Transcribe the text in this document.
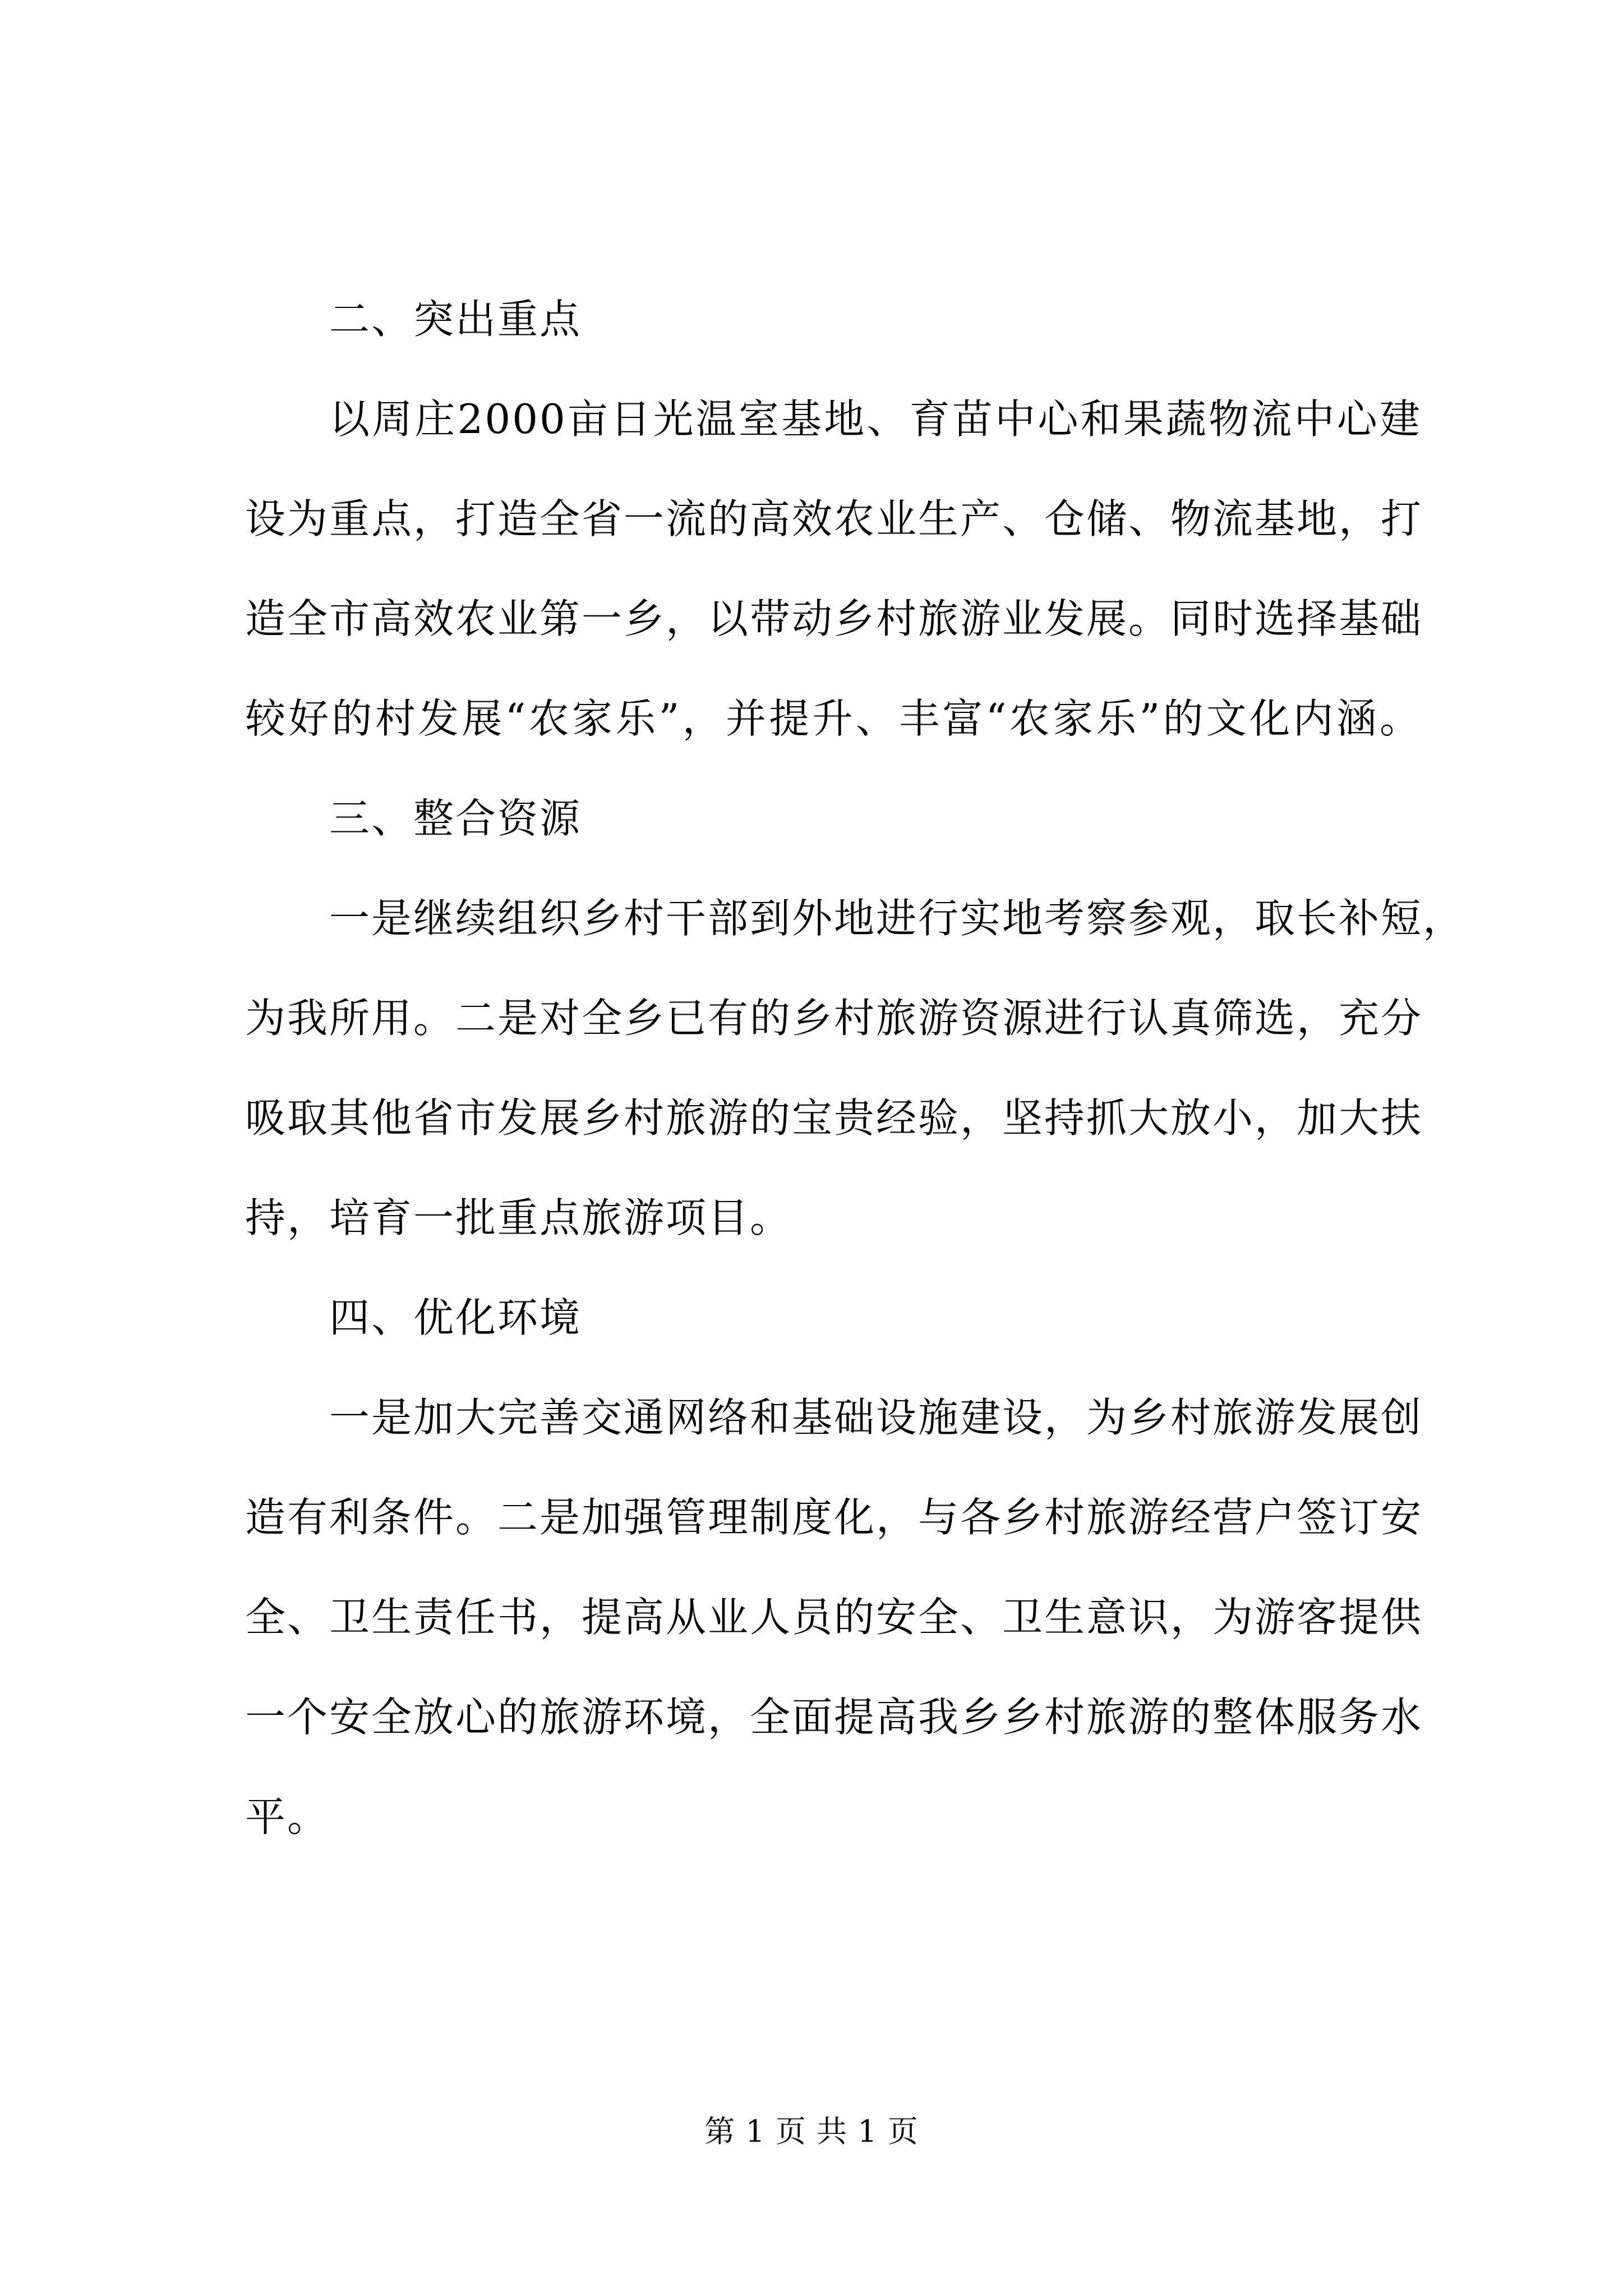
二、突出重点
以周庄2000亩日光温室基地、育苗中心和果蔬物流中心建
设为重点，打造全省一流的高效农业生产、仓储、物流基地，打
造全市高效农业第一乡，以带动乡村旅游业发展。同时选择基础
较好的村发展“农家乐”，并提升、丰富“农家乐”的文化内涵。
三、整合资源
一是继续组织乡村干部到外地进行实地考察参观，取长补短，
为我所用。二是对全乡已有的乡村旅游资源进行认真筛选，充分
吸取其他省市发展乡村旅游的宝贵经验，坚持抓大放小，加大扶
持，培育一批重点旅游项目。
四、优化环境
一是加大完善交通网络和基础设施建设，为乡村旅游发展创
造有利条件。二是加强管理制度化，与各乡村旅游经营户签订安
全、卫生责任书，提高从业人员的安全、卫生意识，为游客提供
一个安全放心的旅游环境，全面提高我乡乡村旅游的整体服务水
平。
第 1 页 共 1 页
